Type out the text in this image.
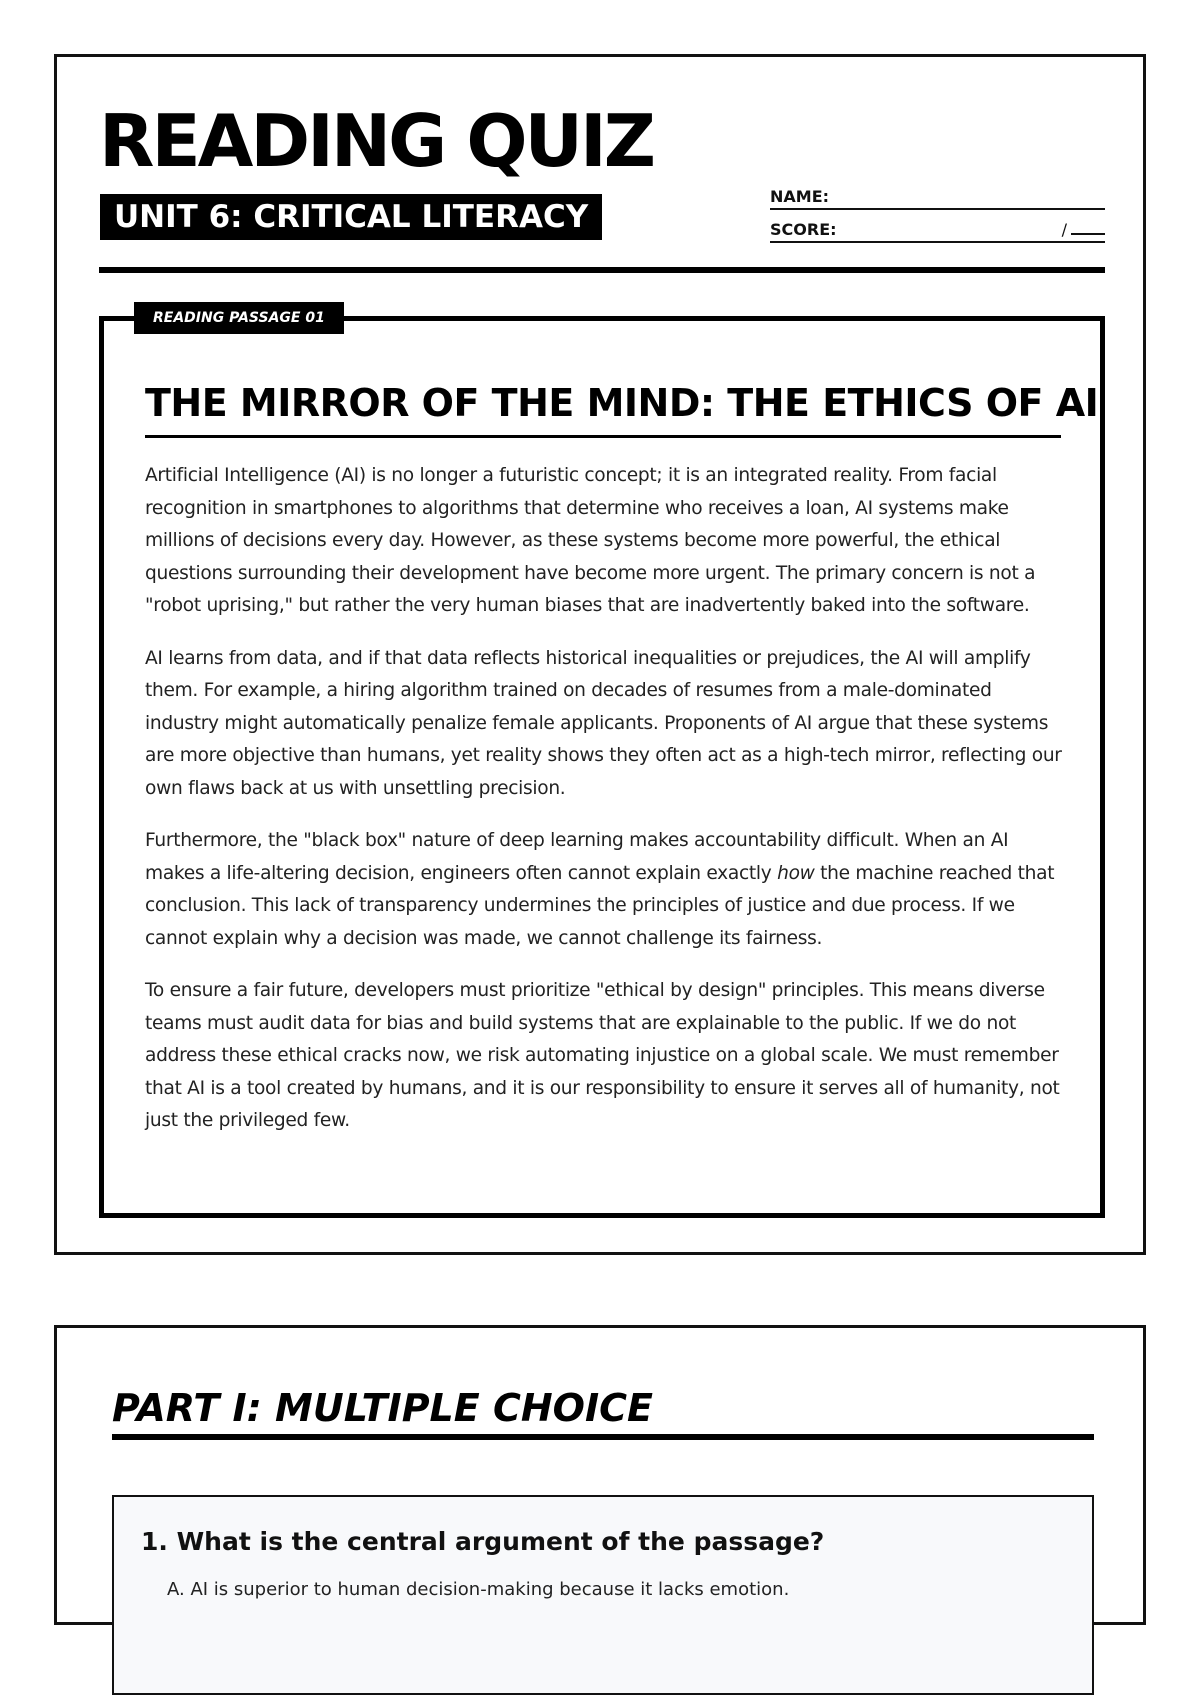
READING QUIZ
UNIT 6: CRITICAL LITERACY
NAME:
SCORE:	/
READING PASSAGE 01
THE MIRROR OF THE MIND: THE ETHICS OF AI

Artificial Intelligence (AI) is no longer a futuristic concept; it is an integrated reality. From facial recognition in smartphones to algorithms that determine who receives a loan, AI systems make millions of decisions every day. However, as these systems become more powerful, the ethical questions surrounding their development have become more urgent. The primary concern is not a "robot uprising," but rather the very human biases that are inadvertently baked into the software.

AI learns from data, and if that data reflects historical inequalities or prejudices, the AI will amplify them. For example, a hiring algorithm trained on decades of resumes from a male-dominated industry might automatically penalize female applicants. Proponents of AI argue that these systems are more objective than humans, yet reality shows they often act as a high-tech mirror, reflecting our own flaws back at us with unsettling precision.

Furthermore, the "black box" nature of deep learning makes accountability difficult. When an AI makes a life-altering decision, engineers often cannot explain exactly how the machine reached that conclusion. This lack of transparency undermines the principles of justice and due process. If we cannot explain why a decision was made, we cannot challenge its fairness.

To ensure a fair future, developers must prioritize "ethical by design" principles. This means diverse teams must audit data for bias and build systems that are explainable to the public. If we do not address these ethical cracks now, we risk automating injustice on a global scale. We must remember that AI is a tool created by humans, and it is our responsibility to ensure it serves all of humanity, not just the privileged few.

PART I: MULTIPLE CHOICE

1. What is the central argument of the passage?

A. AI is superior to human decision-making because it lacks emotion.
